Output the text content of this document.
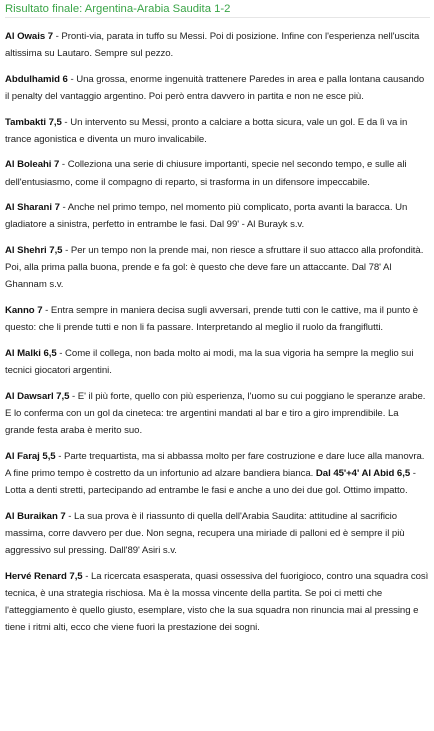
Risultato finale: Argentina-Arabia Saudita 1-2

Al Owais 7 - Pronti-via, parata in tuffo su Messi. Poi di posizione. Infine con l'esperienza nell'uscita altissima su Lautaro. Sempre sul pezzo.

Abdulhamid 6 - Una grossa, enorme ingenuità trattenere Paredes in area e palla lontana causando il penalty del vantaggio argentino. Poi però entra davvero in partita e non ne esce più.

Tambakti 7,5 - Un intervento su Messi, pronto a calciare a botta sicura, vale un gol. E da lì va in trance agonistica e diventa un muro invalicabile.

Al Boleahi 7 - Colleziona una serie di chiusure importanti, specie nel secondo tempo, e sulle ali dell'entusiasmo, come il compagno di reparto, si trasforma in un difensore impeccabile.

Al Sharani 7 - Anche nel primo tempo, nel momento più complicato, porta avanti la baracca. Un gladiatore a sinistra, perfetto in entrambe le fasi. Dal 99' - Al Burayk s.v.

Al Shehri 7,5 - Per un tempo non la prende mai, non riesce a sfruttare il suo attacco alla profondità. Poi, alla prima palla buona, prende e fa gol: è questo che deve fare un attaccante. Dal 78' Al Ghannam s.v.

Kanno 7 - Entra sempre in maniera decisa sugli avversari, prende tutti con le cattive, ma il punto è questo: che li prende tutti e non li fa passare. Interpretando al meglio il ruolo da frangiflutti.

Al Malki 6,5 - Come il collega, non bada molto ai modi, ma la sua vigoria ha sempre la meglio sui tecnici giocatori argentini.

Al Dawsarl 7,5 - E' il più forte, quello con più esperienza, l'uomo su cui poggiano le speranze arabe. E lo conferma con un gol da cineteca: tre argentini mandati al bar e tiro a giro imprendibile. La grande festa araba è merito suo.

Al Faraj 5,5 - Parte trequartista, ma si abbassa molto per fare costruzione e dare luce alla manovra. A fine primo tempo è costretto da un infortunio ad alzare bandiera bianca. Dal 45'+4' Al Abid 6,5 - Lotta a denti stretti, partecipando ad entrambe le fasi e anche a uno dei due gol. Ottimo impatto.

Al Buraikan 7 - La sua prova è il riassunto di quella dell'Arabia Saudita: attitudine al sacrificio massima, corre davvero per due. Non segna, recupera una miriade di palloni ed è sempre il più aggressivo sul pressing. Dall'89' Asiri s.v.

Hervé Renard 7,5 - La ricercata esasperata, quasi ossessiva del fuorigioco, contro una squadra così tecnica, è una strategia rischiosa. Ma è la mossa vincente della partita. Se poi ci metti che l'atteggiamento è quello giusto, esemplare, visto che la sua squadra non rinuncia mai al pressing e tiene i ritmi alti, ecco che viene fuori la prestazione dei sogni.
